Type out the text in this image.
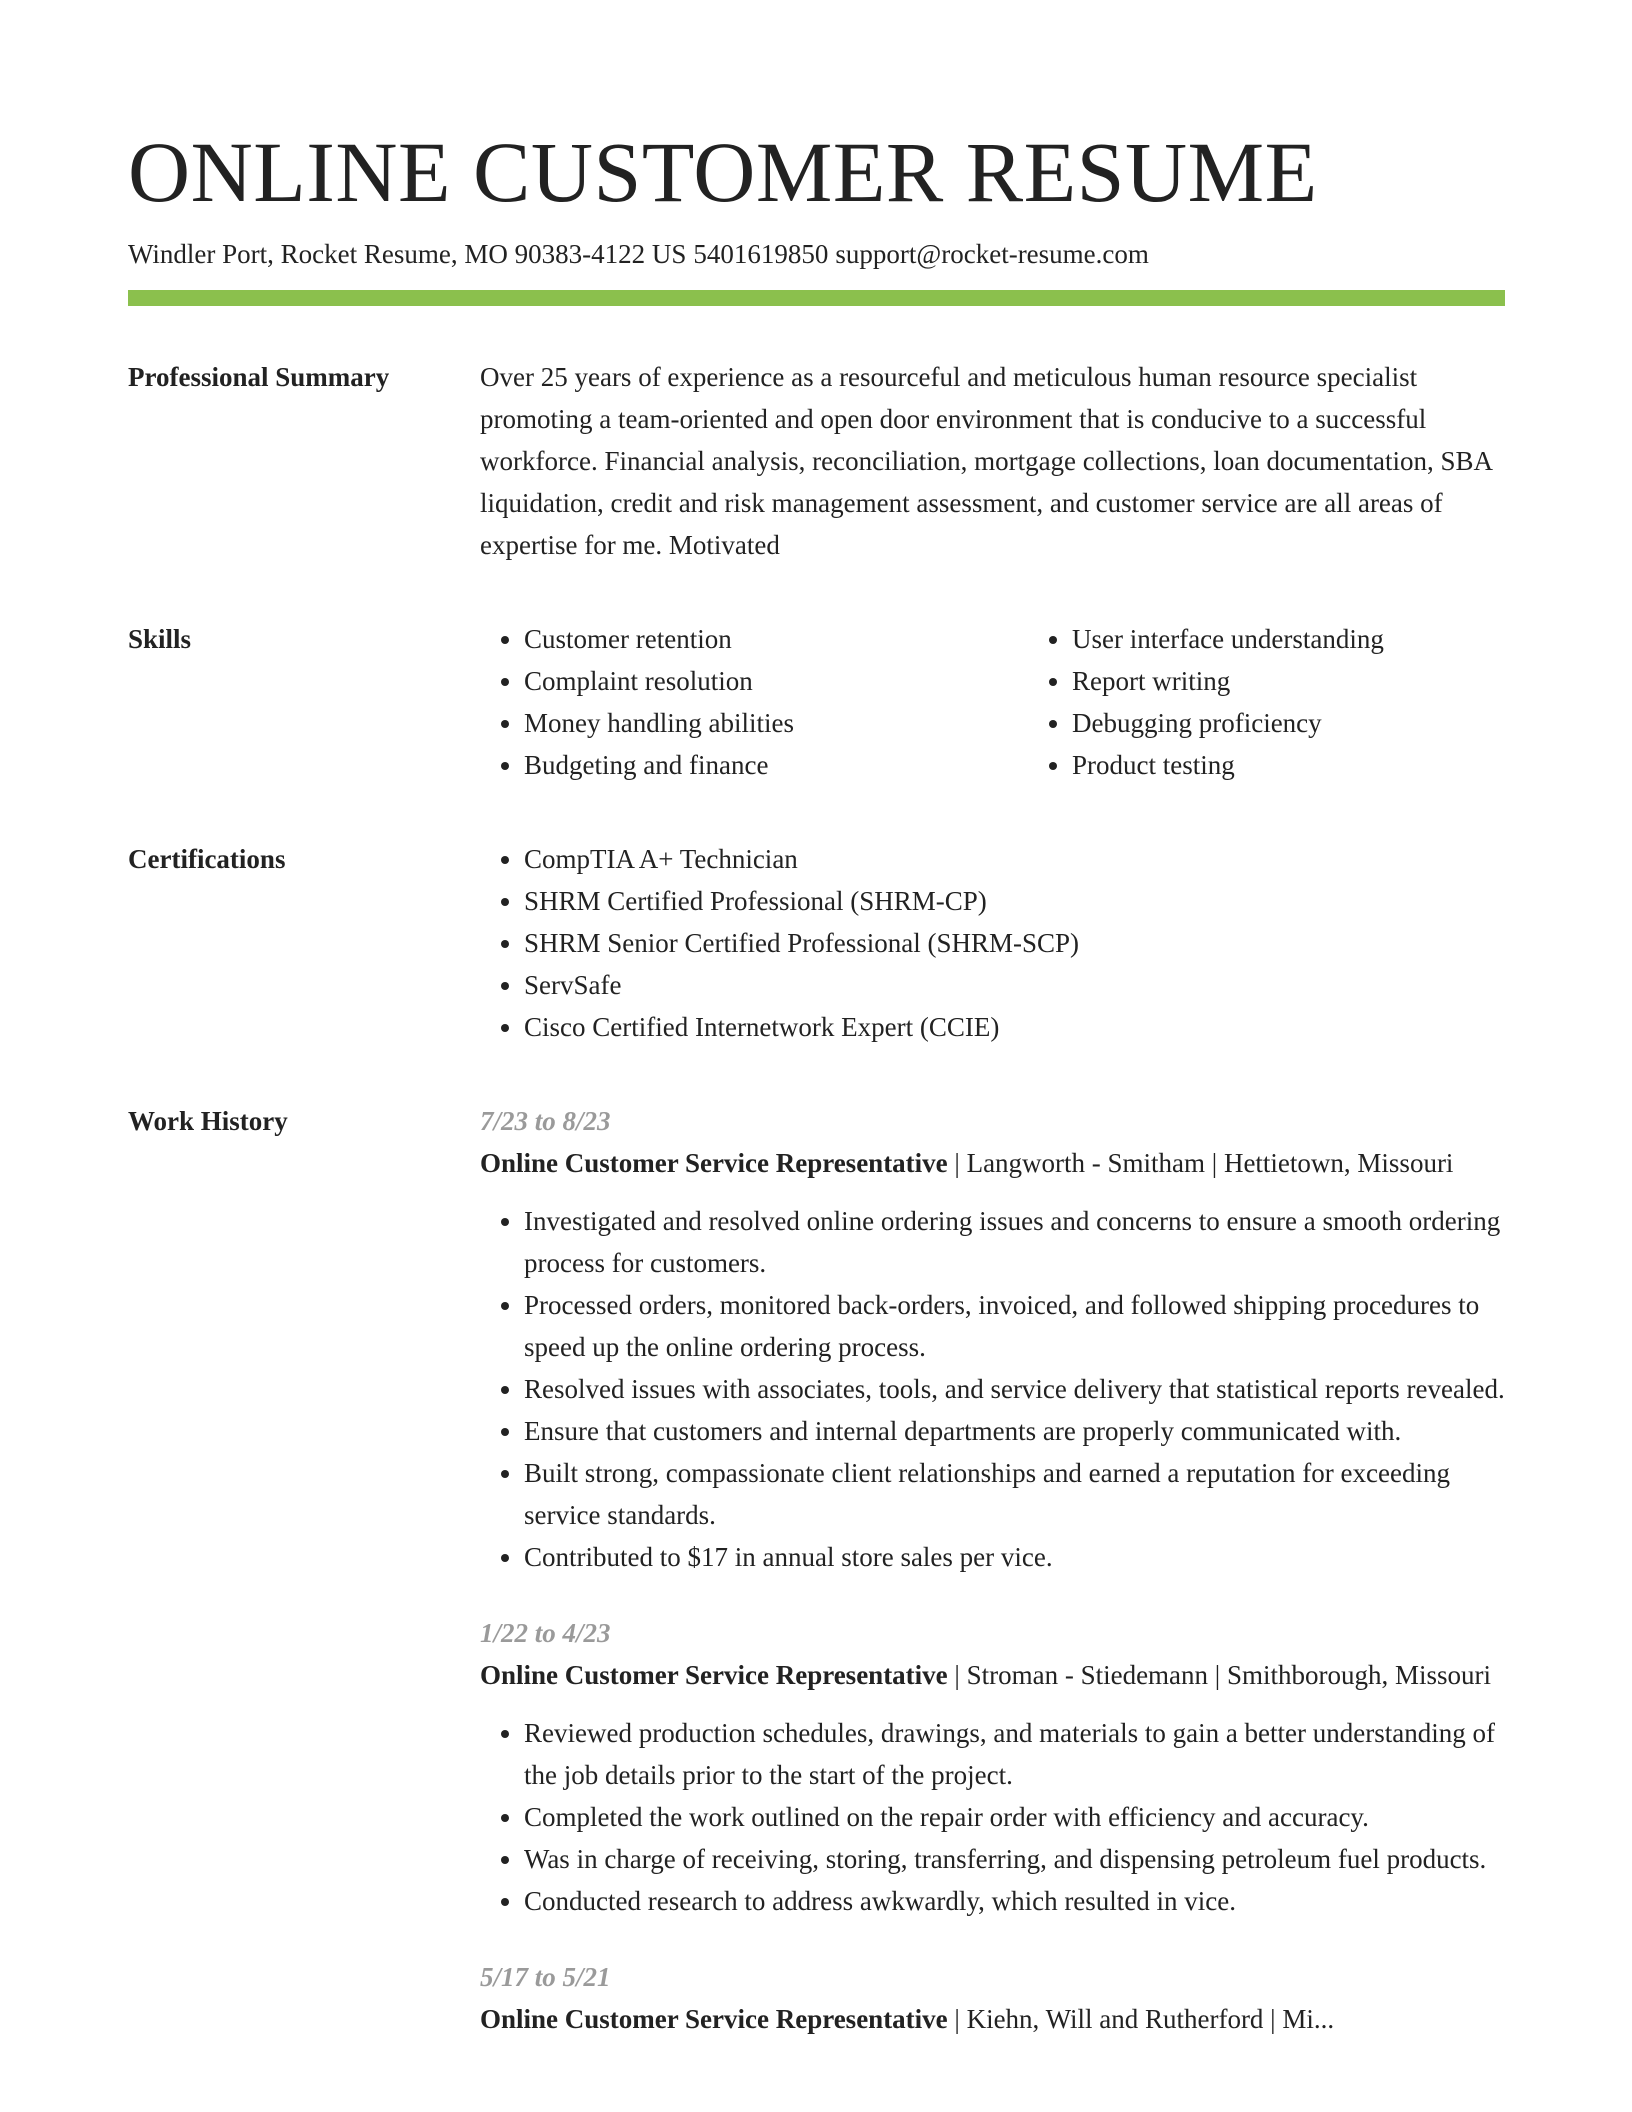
ONLINE CUSTOMER RESUME
Windler Port, Rocket Resume, MO 90383-4122 US 5401619850 support@rocket-resume.com
Professional Summary	Over 25 years of experience as a resourceful and meticulous human resource specialist promoting a team-oriented and open door environment that is conducive to a successful workforce. Financial analysis, reconciliation, mortgage collections, loan documentation, SBA liquidation, credit and risk management assessment, and customer service are all areas of expertise for me. Motivated
Skills	• Customer retention
• Complaint resolution
• Money handling abilities
• Budgeting and finance
• User interface understanding
• Report writing
• Debugging proficiency
• Product testing
Certifications	• CompTIA A+ Technician
• SHRM Certified Professional (SHRM-CP)
• SHRM Senior Certified Professional (SHRM-SCP)
• ServSafe
• Cisco Certified Internetwork Expert (CCIE)
Work History	7/23 to 8/23
Online Customer Service Representative | Langworth - Smitham | Hettietown, Missouri
• Investigated and resolved online ordering issues and concerns to ensure a smooth ordering process for customers.
• Processed orders, monitored back-orders, invoiced, and followed shipping procedures to speed up the online ordering process.
• Resolved issues with associates, tools, and service delivery that statistical reports revealed.
• Ensure that customers and internal departments are properly communicated with.
• Built strong, compassionate client relationships and earned a reputation for exceeding service standards.
• Contributed to $17 in annual store sales per vice.
1/22 to 4/23
Online Customer Service Representative | Stroman - Stiedemann | Smithborough, Missouri
• Reviewed production schedules, drawings, and materials to gain a better understanding of the job details prior to the start of the project.
• Completed the work outlined on the repair order with efficiency and accuracy.
• Was in charge of receiving, storing, transferring, and dispensing petroleum fuel products.
• Conducted research to address awkwardly, which resulted in vice.
5/17 to 5/21
Online Customer Service Representative | Kiehn, Will and Rutherford | Mi...
